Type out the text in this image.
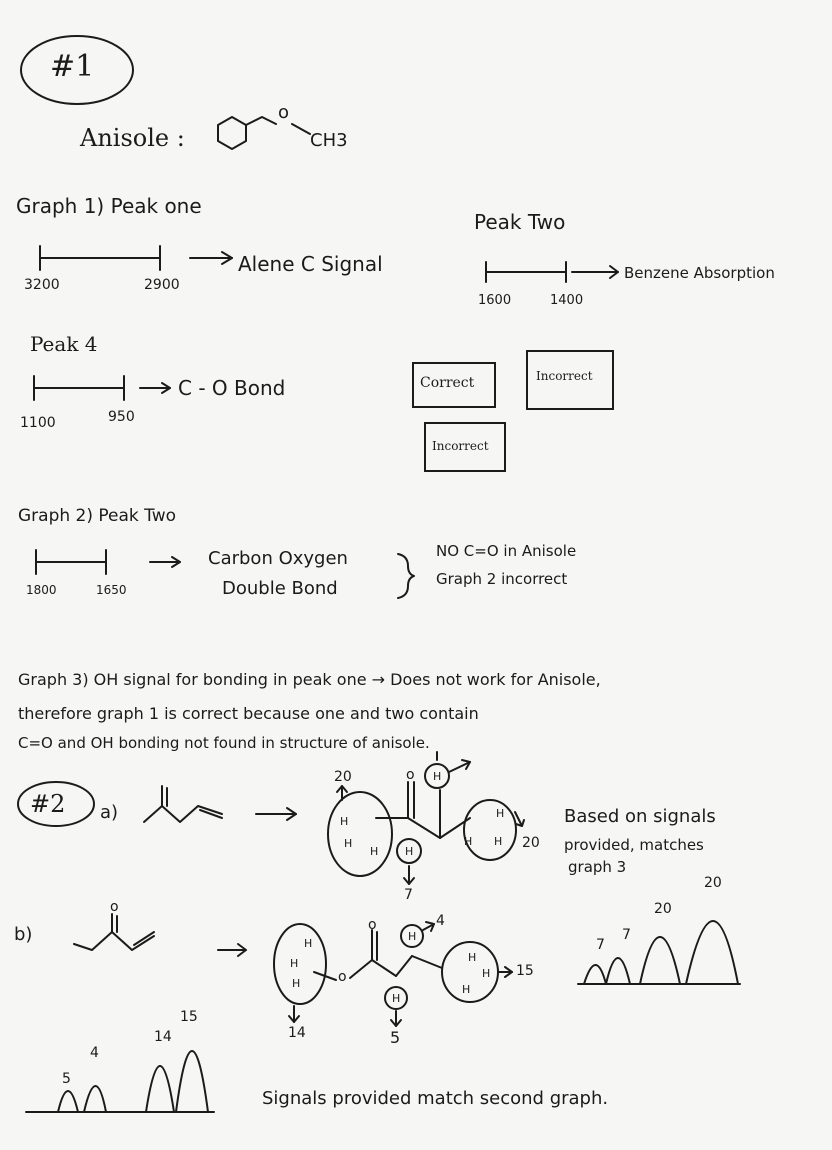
#1
Anisole :
o
CH3
Graph 1) Peak one
3200	2900
Alene C Signal
Peak Two
1600	1400
Benzene Absorption
Peak 4
1100	950
C - O Bond	Correct	Incorrect
Incorrect
Graph 2) Peak Two
1800	1650
Carbon Oxygen
Double Bond
NO C=O in Anisole
Graph 2 incorrect
Graph 3) OH signal for bonding in peak one → Does not work for Anisole,
therefore graph 1 is correct because one and two contain
C=O and OH bonding not found in structure of anisole.
#2 a)	H
H
H H
H
H
H H
o
20
20
7
Based on signals
provided, matches
graph 3
7
7
20
20
b)
o
o
o
H
H
H
H
H
H
H
H
14	5
4
15
5
4
14
15
Signals provided match second graph.
